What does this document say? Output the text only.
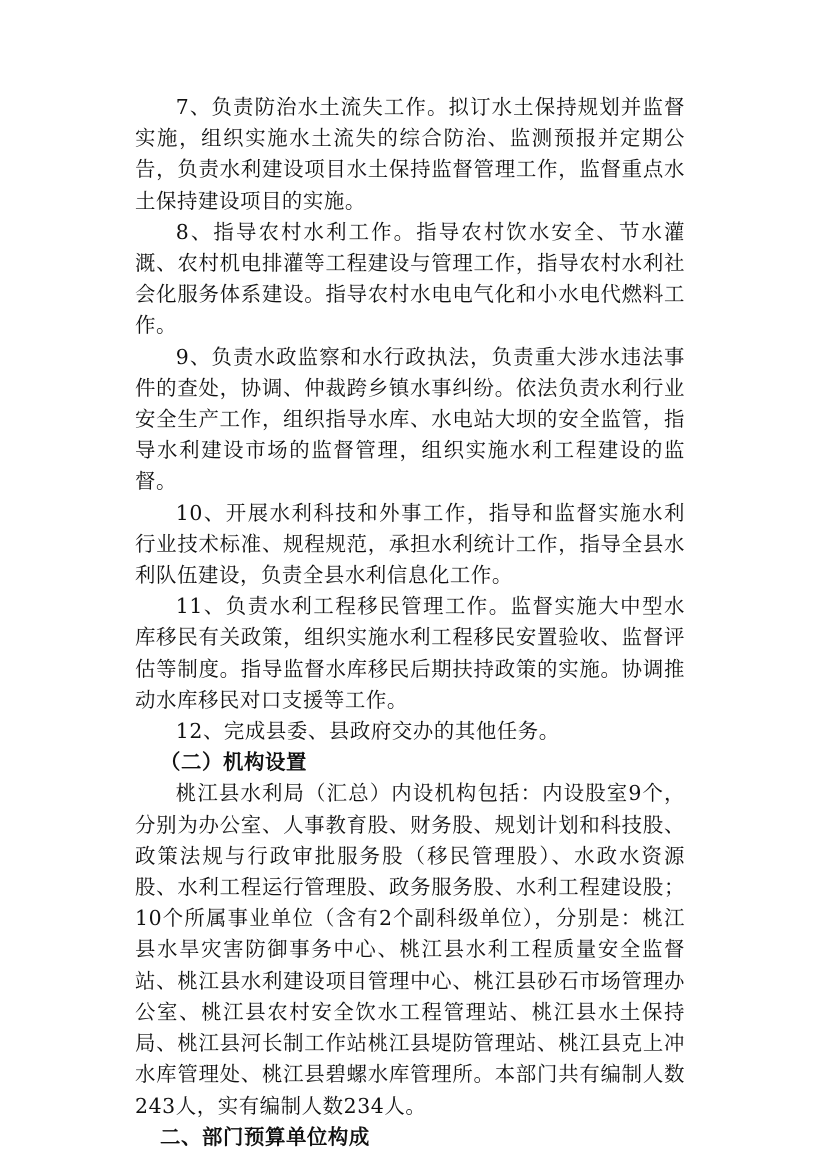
7、负责防治水土流失工作。拟订水土保持规划并监督实施，组织实施水土流失的综合防治、监测预报并定期公告，负责水利建设项目水土保持监督管理工作，监督重点水土保持建设项目的实施。

8、指导农村水利工作。指导农村饮水安全、节水灌溉、农村机电排灌等工程建设与管理工作，指导农村水利社会化服务体系建设。指导农村水电电气化和小水电代燃料工作。

9、负责水政监察和水行政执法，负责重大涉水违法事件的查处，协调、仲裁跨乡镇水事纠纷。依法负责水利行业安全生产工作，组织指导水库、水电站大坝的安全监管，指导水利建设市场的监督管理，组织实施水利工程建设的监督。

10、开展水利科技和外事工作，指导和监督实施水利行业技术标准、规程规范，承担水利统计工作，指导全县水利队伍建设，负责全县水利信息化工作。

11、负责水利工程移民管理工作。监督实施大中型水库移民有关政策，组织实施水利工程移民安置验收、监督评估等制度。指导监督水库移民后期扶持政策的实施。协调推动水库移民对口支援等工作。

12、完成县委、县政府交办的其他任务。

（二）机构设置

桃江县水利局（汇总）内设机构包括：内设股室9个，分别为办公室、人事教育股、财务股、规划计划和科技股、政策法规与行政审批服务股（移民管理股）、水政水资源股、水利工程运行管理股、政务服务股、水利工程建设股；10个所属事业单位（含有2个副科级单位），分别是：桃江县水旱灾害防御事务中心、桃江县水利工程质量安全监督站、桃江县水利建设项目管理中心、桃江县砂石市场管理办公室、桃江县农村安全饮水工程管理站、桃江县水土保持局、桃江县河长制工作站桃江县堤防管理站、桃江县克上冲水库管理处、桃江县碧螺水库管理所。本部门共有编制人数243人，实有编制人数234人。

二、部门预算单位构成
